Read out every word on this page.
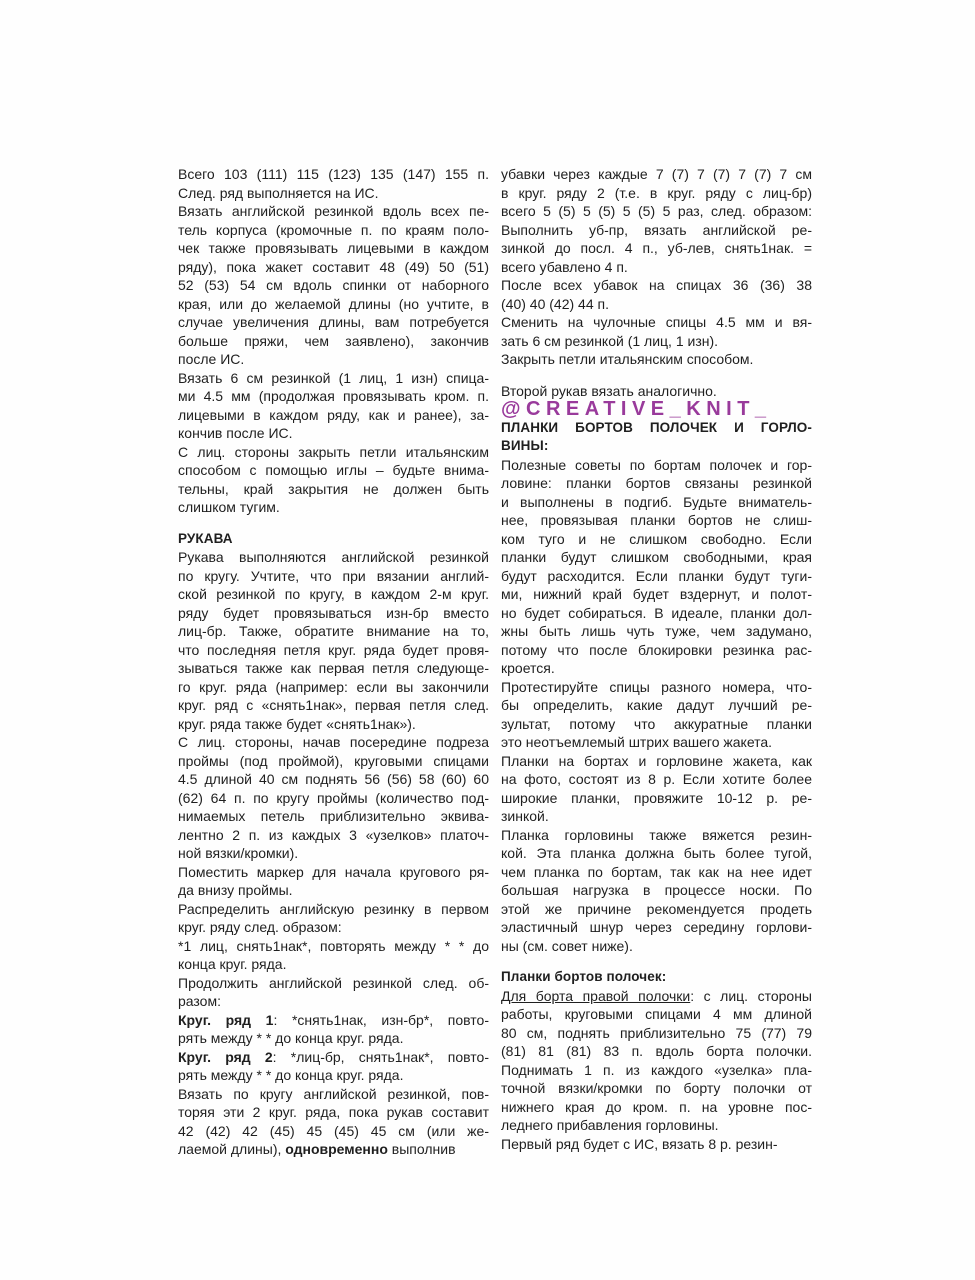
Всего 103 (111) 115 (123) 135 (147) 155 п.
След. ряд выполняется на ИС.
Вязать английской резинкой вдоль всех пе-
тель корпуса (кромочные п. по краям поло-
чек также провязывать лицевыми в каждом
ряду), пока жакет составит 48 (49) 50 (51)
52 (53) 54 см вдоль спинки от наборного
края, или до желаемой длины (но учтите, в
случае увеличения длины, вам потребуется
больше пряжи, чем заявлено), закончив
после ИС.
Вязать 6 см резинкой (1 лиц, 1 изн) спица-
ми 4.5 мм (продолжая провязывать кром. п.
лицевыми в каждом ряду, как и ранее), за-
кончив после ИС.
С лиц. стороны закрыть петли итальянским
способом с помощью иглы – будьте внима-
тельны, край закрытия не должен быть
слишком тугим.
РУКАВА
Рукава выполняются английской резинкой
по кругу. Учтите, что при вязании англий-
ской резинкой по кругу, в каждом 2-м круг.
ряду будет провязываться изн-бр вместо
лиц-бр. Также, обратите внимание на то,
что последняя петля круг. ряда будет провя-
зываться также как первая петля следующе-
го круг. ряда (например: если вы закончили
круг. ряд с «снять1нак», первая петля след.
круг. ряда также будет «снять1нак»).
С лиц. стороны, начав посередине подреза
проймы (под проймой), круговыми спицами
4.5 длиной 40 см поднять 56 (56) 58 (60) 60
(62) 64 п. по кругу проймы (количество под-
нимаемых петель приблизительно эквива-
лентно 2 п. из каждых 3 «узелков» платоч-
ной вязки/кромки).
Поместить маркер для начала кругового ря-
да внизу проймы.
Распределить английскую резинку в первом
круг. ряду след. образом:
*1 лиц, снять1нак*, повторять между * * до
конца круг. ряда.
Продолжить английской резинкой след. об-
разом:
Круг. ряд 1: *снять1нак, изн-бр*, повто-
рять между * * до конца круг. ряда.
Круг. ряд 2: *лиц-бр, снять1нак*, повто-
рять между * * до конца круг. ряда.
Вязать по кругу английской резинкой, пов-
торяя эти 2 круг. ряда, пока рукав составит
42 (42) 42 (45) 45 (45) 45 см (или же-
лаемой длины), одновременно выполнив
убавки через каждые 7 (7) 7 (7) 7 (7) 7 см
в круг. ряду 2 (т.е. в круг. ряду с лиц-бр)
всего 5 (5) 5 (5) 5 (5) 5 раз, след. образом:
Выполнить уб-пр, вязать английской ре-
зинкой до посл. 4 п., уб-лев, снять1нак. =
всего убавлено 4 п.
После всех убавок на спицах 36 (36) 38
(40) 40 (42) 44 п.
Сменить на чулочные спицы 4.5 мм и вя-
зать 6 см резинкой (1 лиц, 1 изн).
Закрыть петли итальянским способом.
Второй рукав вязать аналогично.
@CREATIVE_KNIT_
ПЛАНКИ БОРТОВ ПОЛОЧЕК И ГОРЛО-
ВИНЫ:
Полезные советы по бортам полочек и гор-
ловине: планки бортов связаны резинкой
и выполнены в подгиб. Будьте вниматель-
нее, провязывая планки бортов не слиш-
ком туго и не слишком свободно. Если
планки будут слишком свободными, края
будут расходится. Если планки будут туги-
ми, нижний край будет вздернут, и полот-
но будет собираться. В идеале, планки дол-
жны быть лишь чуть туже, чем задумано,
потому что после блокировки резинка рас-
кроется.
Протестируйте спицы разного номера, что-
бы определить, какие дадут лучший ре-
зультат, потому что аккуратные планки
это неотъемлемый штрих вашего жакета.
Планки на бортах и горловине жакета, как
на фото, состоят из 8 р. Если хотите более
широкие планки, провяжите 10-12 р. ре-
зинкой.
Планка горловины также вяжется резин-
кой. Эта планка должна быть более тугой,
чем планка по бортам, так как на нее идет
большая нагрузка в процессе носки. По
этой же причине рекомендуется продеть
эластичный шнур через середину горлови-
ны (см. совет ниже).
Планки бортов полочек:
Для борта правой полочки: с лиц. стороны
работы, круговыми спицами 4 мм длиной
80 см, поднять приблизительно 75 (77) 79
(81) 81 (81) 83 п. вдоль борта полочки.
Поднимать 1 п. из каждого «узелка» пла-
точной вязки/кромки по борту полочки от
нижнего края до кром. п. на уровне пос-
леднего прибавления горловины.
Первый ряд будет с ИС, вязать 8 р. резин-
